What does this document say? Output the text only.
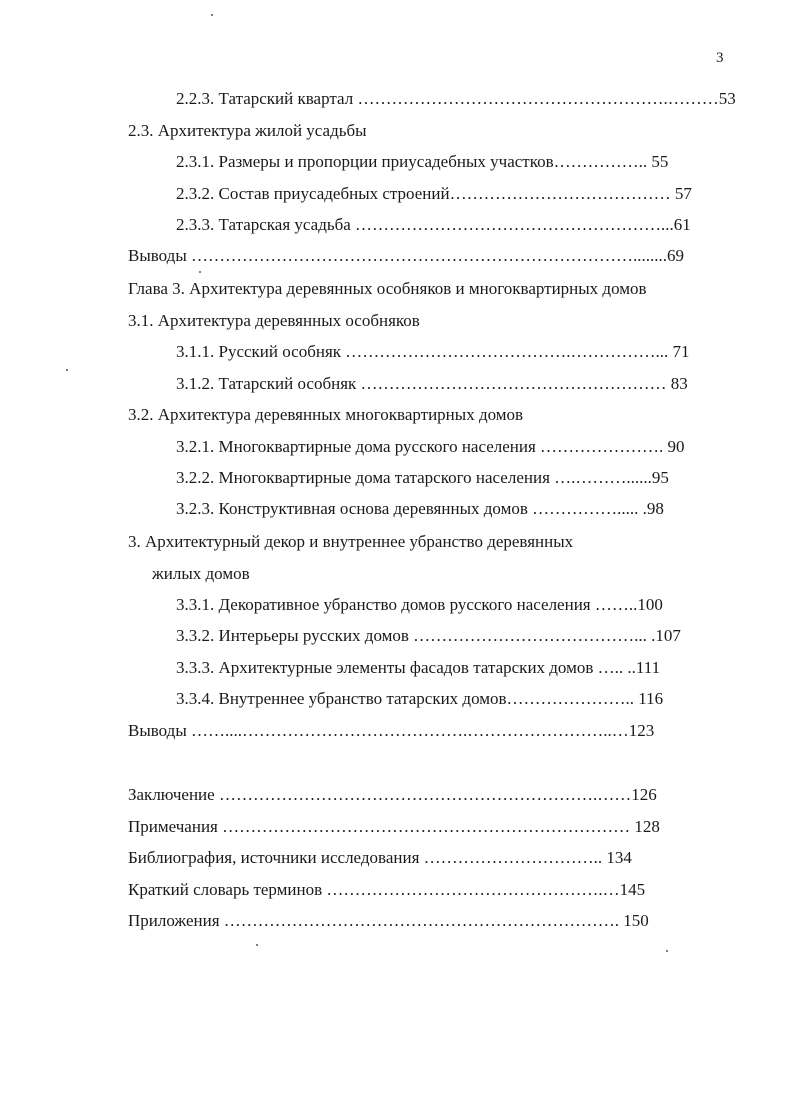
3
2.2.3. Татарский квартал ……………………………………………….………53
2.3. Архитектура жилой усадьбы
2.3.1. Размеры и пропорции приусадебных участков…………….. 55
2.3.2. Состав приусадебных строений………………………………… 57
2.3.3. Татарская усадьба ………………………………………………...61
Выводы ……………………………………………………………………........69
Глава 3. Архитектура деревянных особняков и многоквартирных домов
3.1. Архитектура деревянных особняков
3.1.1. Русский особняк ………………………………….……………... 71
3.1.2. Татарский особняк ……………………………………………… 83
3.2. Архитектура деревянных многоквартирных домов
3.2.1. Многоквартирные дома русского населения …………………. 90
3.2.2. Многоквартирные дома татарского населения ….………......95
3.2.3. Конструктивная основа деревянных домов ……………..... .98
3. Архитектурный декор и внутреннее убранство деревянных
жилых домов
3.3.1. Декоративное убранство домов русского населения ……..100
3.3.2. Интерьеры русских домов …………………………………... .107
3.3.3. Архитектурные элементы фасадов татарских домов ….. ..111
3.3.4. Внутреннее убранство татарских домов………………….. 116
Выводы ……....………………………………….……………………..…123
Заключение ………………………………………………………….……126
Примечания ……………………………………………………………… 128
Библиография, источники исследования ………………………….. 134
Краткий словарь терминов ………………………………………….…145
Приложения ……………………………………………………………. 150
